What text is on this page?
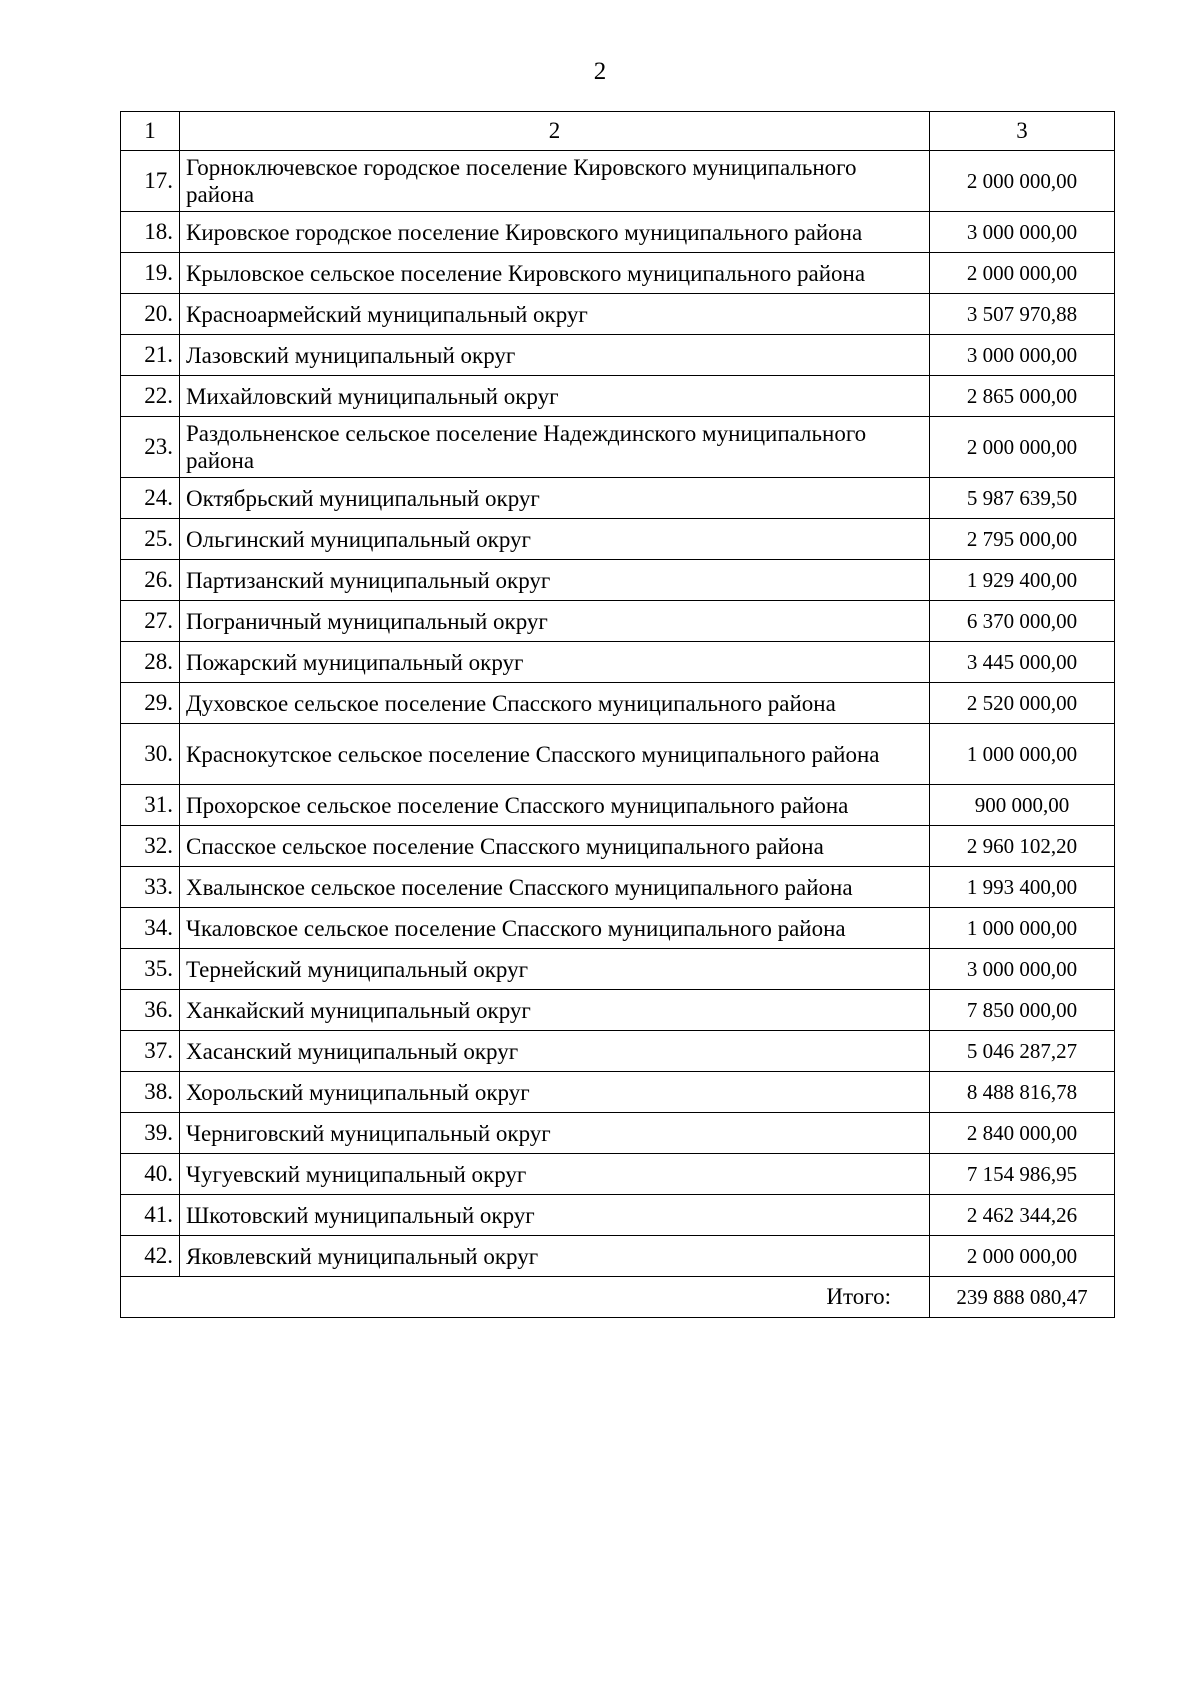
2
1	2	3
17.	Горноключевское городское поселение Кировского муниципального района	2 000 000,00
18.	Кировское городское поселение Кировского муниципального района	3 000 000,00
19.	Крыловское сельское поселение Кировского муниципального района	2 000 000,00
20.	Красноармейский муниципальный округ	3 507 970,88
21.	Лазовский муниципальный округ	3 000 000,00
22.	Михайловский муниципальный округ	2 865 000,00
23.	Раздольненское сельское поселение Надеждинского муниципального района	2 000 000,00
24.	Октябрьский муниципальный округ	5 987 639,50
25.	Ольгинский муниципальный округ	2 795 000,00
26.	Партизанский муниципальный округ	1 929 400,00
27.	Пограничный муниципальный округ	6 370 000,00
28.	Пожарский муниципальный округ	3 445 000,00
29.	Духовское сельское поселение Спасского муниципального района	2 520 000,00
30.	Краснокутское сельское поселение Спасского муниципального района	1 000 000,00
31.	Прохорское сельское поселение Спасского муниципального района	900 000,00
32.	Спасское сельское поселение Спасского муниципального района	2 960 102,20
33.	Хвалынское сельское поселение Спасского муниципального района	1 993 400,00
34.	Чкаловское сельское поселение Спасского муниципального района	1 000 000,00
35.	Тернейский муниципальный округ	3 000 000,00
36.	Ханкайский муниципальный округ	7 850 000,00
37.	Хасанский муниципальный округ	5 046 287,27
38.	Хорольский муниципальный округ	8 488 816,78
39.	Черниговский муниципальный округ	2 840 000,00
40.	Чугуевский муниципальный округ	7 154 986,95
41.	Шкотовский муниципальный округ	2 462 344,26
42.	Яковлевский муниципальный округ	2 000 000,00
Итого:		239 888 080,47
